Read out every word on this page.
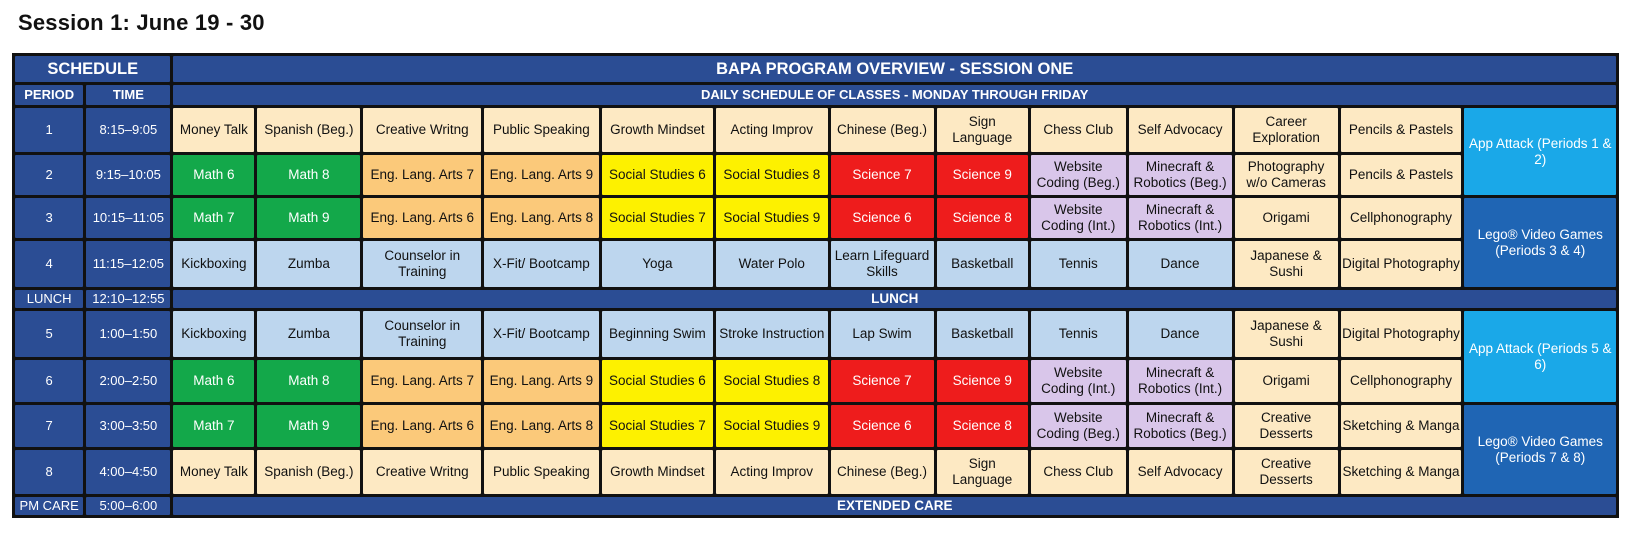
Session 1: June 19 - 30
SCHEDULE		BAPA PROGRAM OVERVIEW - SESSION ONE												
PERIOD	TIME	DAILY SCHEDULE OF CLASSES - MONDAY THROUGH FRIDAY												
1	8:15–9:05	Money Talk	Spanish (Beg.)	Creative Writng	Public Speaking	Growth Mindset	Acting Improv	Chinese (Beg.)	Sign Language	Chess Club	Self Advocacy	Career Exploration	Pencils & Pastels	App Attack (Periods 1 & 2)
2	9:15–10:05	Math 6	Math 8	Eng. Lang. Arts 7	Eng. Lang. Arts 9	Social Studies 6	Social Studies 8	Science 7	Science 9	Website Coding (Beg.)	Minecraft & Robotics (Beg.)	Photography w/o Cameras	Pencils & Pastels	
3	10:15–11:05	Math 7	Math 9	Eng. Lang. Arts 6	Eng. Lang. Arts 8	Social Studies 7	Social Studies 9	Science 6	Science 8	Website Coding (Int.)	Minecraft & Robotics (Int.)	Origami	Cellphonography	Lego® Video Games (Periods 3 & 4)
4	11:15–12:05	Kickboxing	Zumba	Counselor in Training	X-Fit/ Bootcamp	Yoga	Water Polo	Learn Lifeguard Skills	Basketball	Tennis	Dance	Japanese & Sushi	Digital Photography	
LUNCH	12:10–12:55	LUNCH												
5	1:00–1:50	Kickboxing	Zumba	Counselor in Training	X-Fit/ Bootcamp	Beginning Swim	Stroke Instruction	Lap Swim	Basketball	Tennis	Dance	Japanese & Sushi	Digital Photography	App Attack (Periods 5 & 6)
6	2:00–2:50	Math 6	Math 8	Eng. Lang. Arts 7	Eng. Lang. Arts 9	Social Studies 6	Social Studies 8	Science 7	Science 9	Website Coding (Int.)	Minecraft & Robotics (Int.)	Origami	Cellphonography	
7	3:00–3:50	Math 7	Math 9	Eng. Lang. Arts 6	Eng. Lang. Arts 8	Social Studies 7	Social Studies 9	Science 6	Science 8	Website Coding (Beg.)	Minecraft & Robotics (Beg.)	Creative Desserts	Sketching & Manga	Lego® Video Games (Periods 7 & 8)
8	4:00–4:50	Money Talk	Spanish (Beg.)	Creative Writng	Public Speaking	Growth Mindset	Acting Improv	Chinese (Beg.)	Sign Language	Chess Club	Self Advocacy	Creative Desserts	Sketching & Manga	
PM CARE	5:00–6:00	EXTENDED CARE												
